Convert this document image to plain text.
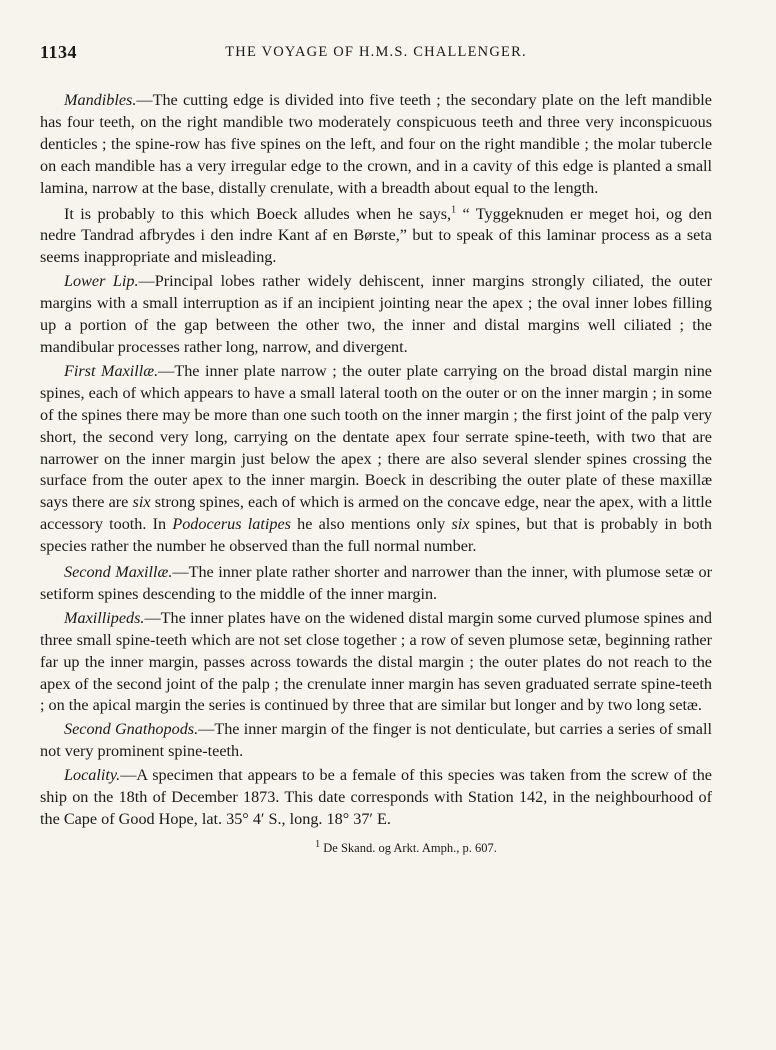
1134	THE VOYAGE OF H.M.S. CHALLENGER.

Mandibles.—The cutting edge is divided into five teeth ; the secondary plate on the left mandible has four teeth, on the right mandible two moderately conspicuous teeth and three very inconspicuous denticles ; the spine-row has five spines on the left, and four on the right mandible ; the molar tubercle on each mandible has a very irregular edge to the crown, and in a cavity of this edge is planted a small lamina, narrow at the base, distally crenulate, with a breadth about equal to the length.

It is probably to this which Boeck alludes when he says,$^1$ “ Tyggeknuden er meget hoi, og den nedre Tandrad afbrydes i den indre Kant af en Børste,” but to speak of this laminar process as a seta seems inappropriate and misleading.

Lower Lip.—Principal lobes rather widely dehiscent, inner margins strongly ciliated, the outer margins with a small interruption as if an incipient jointing near the apex ; the oval inner lobes filling up a portion of the gap between the other two, the inner and distal margins well ciliated ; the mandibular processes rather long, narrow, and divergent.

First Maxillæ.—The inner plate narrow ; the outer plate carrying on the broad distal margin nine spines, each of which appears to have a small lateral tooth on the outer or on the inner margin ; in some of the spines there may be more than one such tooth on the inner margin ; the first joint of the palp very short, the second very long, carrying on the dentate apex four serrate spine-teeth, with two that are narrower on the inner margin just below the apex ; there are also several slender spines crossing the surface from the outer apex to the inner margin. Boeck in describing the outer plate of these maxillæ says there are six strong spines, each of which is armed on the concave edge, near the apex, with a little accessory tooth. In Podocerus latipes he also mentions only six spines, but that is probably in both species rather the number he observed than the full normal number.

Second Maxillæ.—The inner plate rather shorter and narrower than the inner, with plumose setæ or setiform spines descending to the middle of the inner margin.

Maxillipeds.—The inner plates have on the widened distal margin some curved plumose spines and three small spine-teeth which are not set close together ; a row of seven plumose setæ, beginning rather far up the inner margin, passes across towards the distal margin ; the outer plates do not reach to the apex of the second joint of the palp ; the crenulate inner margin has seven graduated serrate spine-teeth ; on the apical margin the series is continued by three that are similar but longer and by two long setæ.

Second Gnathopods.—The inner margin of the finger is not denticulate, but carries a series of small not very prominent spine-teeth.

Locality.—A specimen that appears to be a female of this species was taken from the screw of the ship on the 18th of December 1873. This date corresponds with Station 142, in the neighbourhood of the Cape of Good Hope, lat. 35° 4′ S., long. 18° 37′ E.

$^1$ De Skand. og Arkt. Amph., p. 607.
